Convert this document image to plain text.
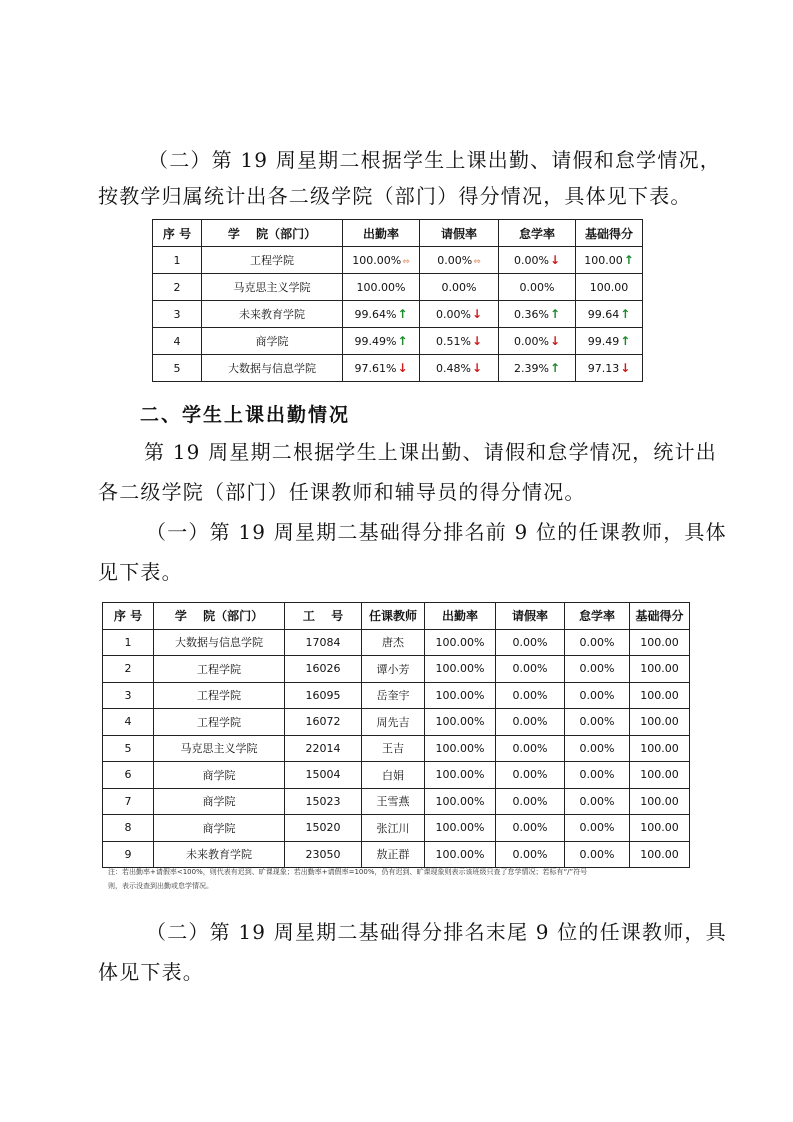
（二）第 19 周星期二根据学生上课出勤、请假和怠学情况，
按教学归属统计出各二级学院（部门）得分情况，具体见下表。
序 号	学　 院（部门）	出勤率	请假率	怠学率	基础得分
1	工程学院	100.00%⇔	0.00%⇔	0.00%↓	100.00↑
2	马克思主义学院	100.00%	0.00%	0.00%	100.00
3	未来教育学院	99.64%↑	0.00%↓	0.36%↑	99.64↑
4	商学院	99.49%↑	0.51%↓	0.00%↓	99.49↑
5	大数据与信息学院	97.61%↓	0.48%↓	2.39%↑	97.13↓
二、学生上课出勤情况
第 19 周星期二根据学生上课出勤、请假和怠学情况，统计出
各二级学院（部门）任课教师和辅导员的得分情况。
（一）第 19 周星期二基础得分排名前 9 位的任课教师，具体
见下表。
序 号	学　 院（部门）	工　 号	任课教师	出勤率	请假率	怠学率	基础得分
1	大数据与信息学院	17084	唐杰	100.00%	0.00%	0.00%	100.00
2	工程学院	16026	谭小芳	100.00%	0.00%	0.00%	100.00
3	工程学院	16095	岳奎宇	100.00%	0.00%	0.00%	100.00
4	工程学院	16072	周先吉	100.00%	0.00%	0.00%	100.00
5	马克思主义学院	22014	王吉	100.00%	0.00%	0.00%	100.00
6	商学院	15004	白娟	100.00%	0.00%	0.00%	100.00
7	商学院	15023	王雪燕	100.00%	0.00%	0.00%	100.00
8	商学院	15020	张江川	100.00%	0.00%	0.00%	100.00
9	未来教育学院	23050	敖正群	100.00%	0.00%	0.00%	100.00
注：若出勤率+请假率<100%，则代表有迟到、旷课现象；若出勤率+请假率=100%，仍有迟到、旷课现象则表示该班级只查了怠学情况；若标有“/”符号
则，表示没查到出勤或怠学情况。
（二）第 19 周星期二基础得分排名末尾 9 位的任课教师，具
体见下表。
